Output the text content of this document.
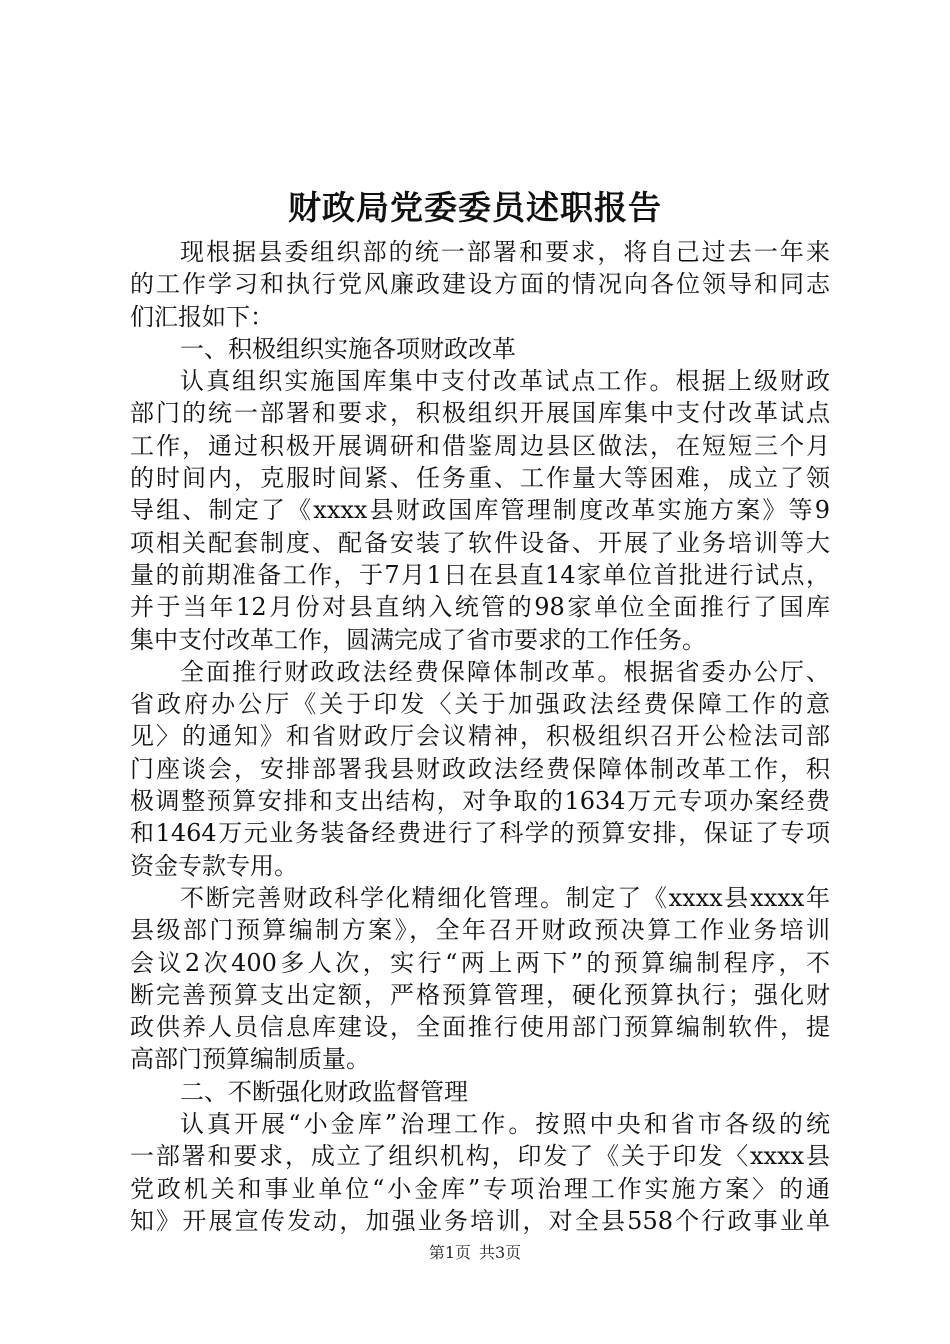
财政局党委委员述职报告
现根据县委组织部的统一部署和要求，将自己过去一年来
的工作学习和执行党风廉政建设方面的情况向各位领导和同志
们汇报如下：
一、积极组织实施各项财政改革
认真组织实施国库集中支付改革试点工作。根据上级财政
部门的统一部署和要求，积极组织开展国库集中支付改革试点
工作，通过积极开展调研和借鉴周边县区做法，在短短三个月
的时间内，克服时间紧、任务重、工作量大等困难，成立了领
导组、制定了《xxxx县财政国库管理制度改革实施方案》等9
项相关配套制度、配备安装了软件设备、开展了业务培训等大
量的前期准备工作，于7月1日在县直14家单位首批进行试点，
并于当年12月份对县直纳入统管的98家单位全面推行了国库
集中支付改革工作，圆满完成了省市要求的工作任务。
全面推行财政政法经费保障体制改革。根据省委办公厅、
省政府办公厅《关于印发〈关于加强政法经费保障工作的意
见〉的通知》和省财政厅会议精神，积极组织召开公检法司部
门座谈会，安排部署我县财政政法经费保障体制改革工作，积
极调整预算安排和支出结构，对争取的1634万元专项办案经费
和1464万元业务装备经费进行了科学的预算安排，保证了专项
资金专款专用。
不断完善财政科学化精细化管理。制定了《xxxx县xxxx年
县级部门预算编制方案》，全年召开财政预决算工作业务培训
会议2次400多人次，实行“两上两下”的预算编制程序，不
断完善预算支出定额，严格预算管理，硬化预算执行；强化财
政供养人员信息库建设，全面推行使用部门预算编制软件，提
高部门预算编制质量。
二、不断强化财政监督管理
认真开展“小金库”治理工作。按照中央和省市各级的统
一部署和要求，成立了组织机构，印发了《关于印发〈xxxx县
党政机关和事业单位“小金库”专项治理工作实施方案〉的通
知》开展宣传发动，加强业务培训，对全县558个行政事业单
第1页 共3页
